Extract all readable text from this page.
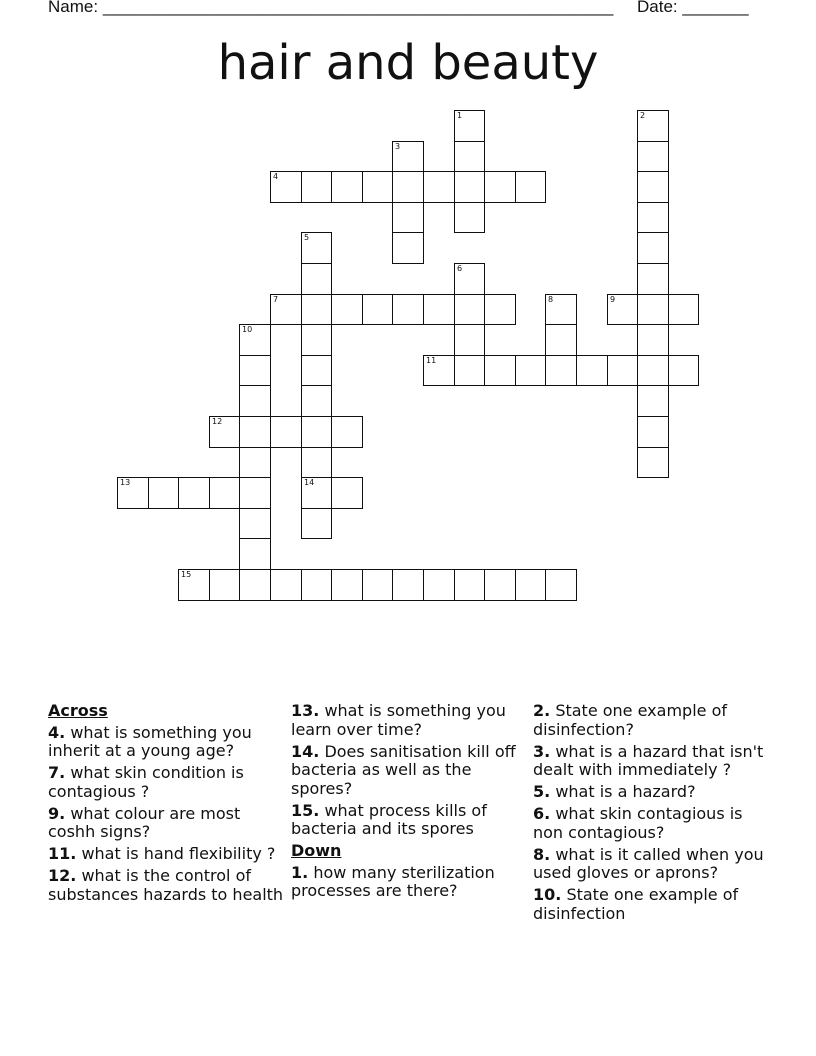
Name: ______________________________________________________ Date: _______
hair and beauty
1	2
3
4
5
14
6
7	8	9
10
11
12
13
15
Across
4. what is something you inherit at a young age?
7. what skin condition is contagious ?
9. what colour are most coshh signs?
11. what is hand flexibility ?
12. what is the control of substances hazards to health
13. what is something you learn over time?
14. Does sanitisation kill off bacteria as well as the spores?
15. what process kills of bacteria and its spores
Down
1. how many sterilization processes are there?
2. State one example of disinfection?
3. what is a hazard that isn't dealt with immediately ?
5. what is a hazard?
6. what skin contagious is non contagious?
8. what is it called when you used gloves or aprons?
10. State one example of disinfection
